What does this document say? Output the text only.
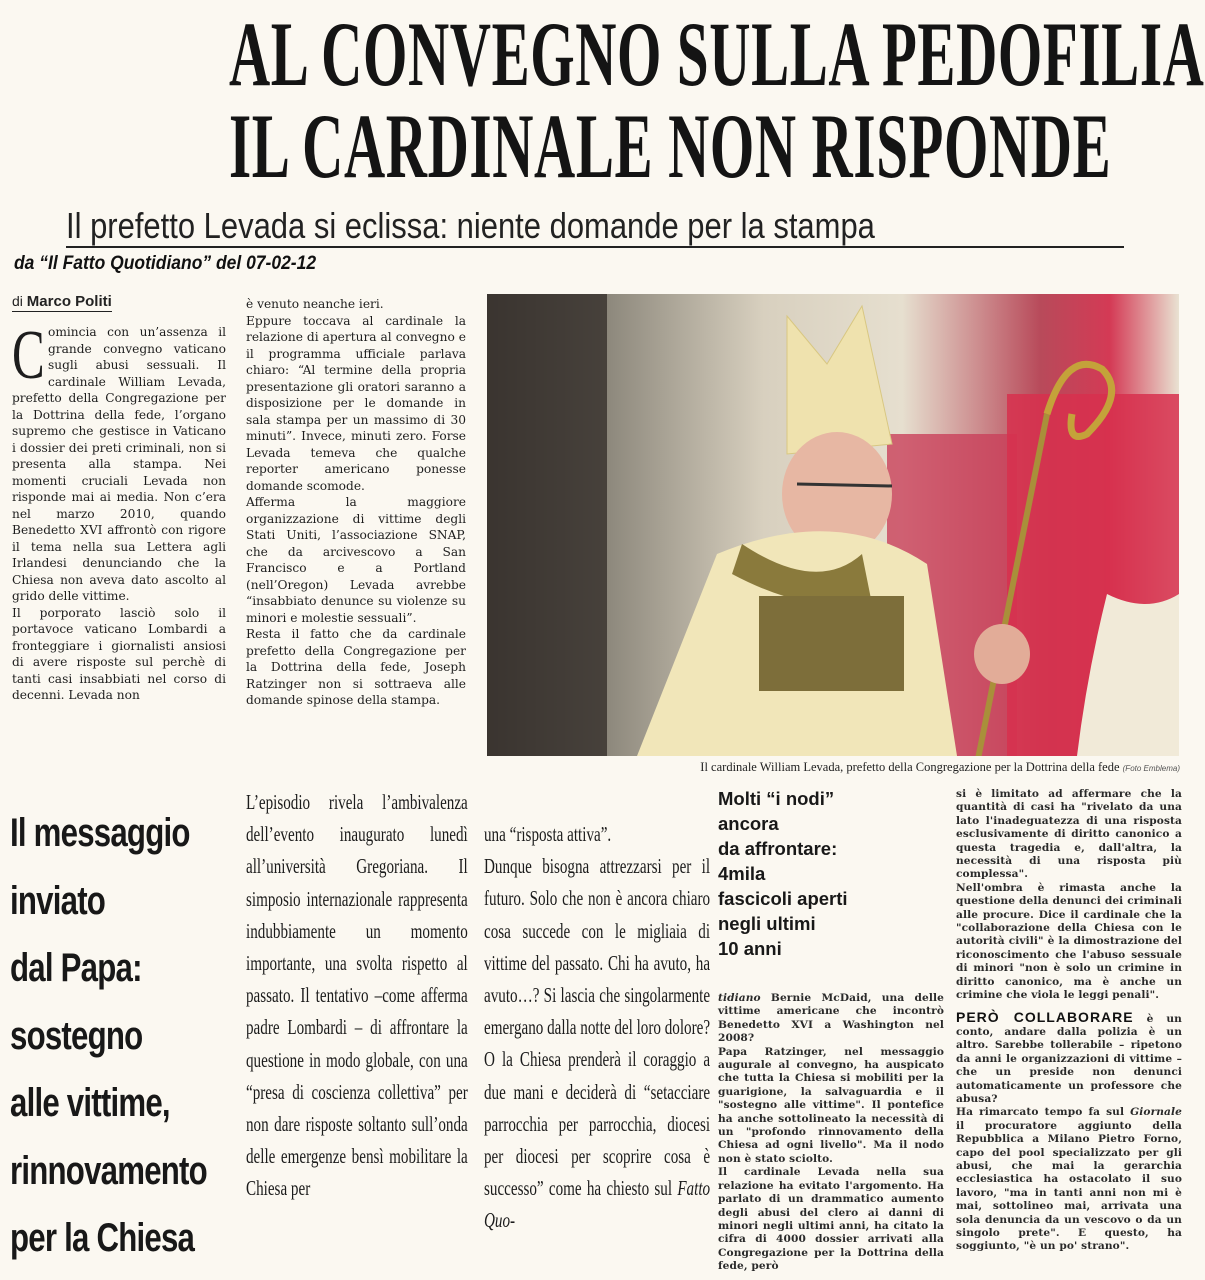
AL CONVEGNO SULLA PEDOFILIA
IL CARDINALE NON RISPONDE
Il prefetto Levada si eclissa: niente domande per la stampa
da “Il Fatto Quotidiano” del 07-02-12
di Marco Politi

Comincia con un’assenza il grande convegno vaticano sugli abusi sessuali. Il cardinale William Levada, prefetto della Congregazione per la Dottrina della fede, l’organo supremo che gestisce in Vaticano i dossier dei preti criminali, non si presenta alla stampa. Nei momenti cruciali Levada non risponde mai ai media. Non c’era nel marzo 2010, quando Benedetto XVI affrontò con rigore il tema nella sua Lettera agli Irlandesi denunciando che la Chiesa non aveva dato ascolto al grido delle vittime.

Il porporato lasciò solo il portavoce vaticano Lombardi a fronteggiare i giornalisti ansiosi di avere risposte sul perchè di tanti casi insabbiati nel corso di decenni. Levada non

è venuto neanche ieri.

Eppure toccava al cardinale la relazione di apertura al convegno e il programma ufficiale parlava chiaro: “Al termine della propria presentazione gli oratori saranno a disposizione per le domande in sala stampa per un massimo di 30 minuti”. Invece, minuti zero. Forse Levada temeva che qualche reporter americano ponesse domande scomode.

Afferma la maggiore organizzazione di vittime degli Stati Uniti, l’associazione SNAP, che da arcivescovo a San Francisco e a Portland (nell’Oregon) Levada avrebbe “insabbiato denunce su violenze su minori e molestie sessuali”.

Resta il fatto che da cardinale prefetto della Congregazione per la Dottrina della fede, Joseph Ratzinger non si sottraeva alle domande spinose della stampa.

Il cardinale William Levada, prefetto della Congregazione per la Dottrina della fede (Foto Emblema)
Il messaggio
inviato
dal Papa:
sostegno
alle vittime,
rinnovamento
per la Chiesa
L’episodio rivela l’ambivalenza dell’evento inaugurato lunedì all’università Gregoriana. Il simposio internazionale rappresenta indubbiamente un momento importante, una svolta rispetto al passato. Il tentativo –come afferma padre Lombardi – di affrontare la questione in modo globale, con una “presa di coscienza collettiva” per non dare risposte soltanto sull’onda delle emergenze bensì mobilitare la Chiesa per
una “risposta attiva”.
Dunque bisogna attrezzarsi per il futuro. Solo che non è ancora chiaro cosa succede con le migliaia di vittime del passato. Chi ha avuto, ha avuto…? Si lascia che singolarmente emergano dalla notte del loro dolore? O la Chiesa prenderà il coraggio a due mani e deciderà di “setacciare parrocchia per parrocchia, diocesi per diocesi per scoprire cosa è successo” come ha chiesto sul Fatto Quo-
Molti “i nodi”
ancora
da affrontare:
4mila
fascicoli aperti
negli ultimi
10 anni

tidiano Bernie McDaid, una delle vittime americane che incontrò Benedetto XVI a Washington nel 2008?

Papa Ratzinger, nel messaggio augurale al convegno, ha auspicato che tutta la Chiesa si mobiliti per la guarigione, la salvaguardia e il "sostegno alle vittime". Il pontefice ha anche sottolineato la necessità di un "profondo rinnovamento della Chiesa ad ogni livello". Ma il nodo non è stato sciolto.

Il cardinale Levada nella sua relazione ha evitato l'argomento. Ha parlato di un drammatico aumento degli abusi del clero ai danni di minori negli ultimi anni, ha citato la cifra di 4000 dossier arrivati alla Congregazione per la Dottrina della fede, però

si è limitato ad affermare che la quantità di casi ha "rivelato da una lato l'inadeguatezza di una risposta esclusivamente di diritto canonico a questa tragedia e, dall'altra, la necessità di una risposta più complessa".

Nell'ombra è rimasta anche la questione della denunci dei criminali alle procure. Dice il cardinale che la "collaborazione della Chiesa con le autorità civili" è la dimostrazione del riconoscimento che l'abuso sessuale di minori "non è solo un crimine in diritto canonico, ma è anche un crimine che viola le leggi penali".

PERÒ COLLABORARE è un conto, andare dalla polizia è un altro. Sarebbe tollerabile – ripetono da anni le organizzazioni di vittime – che un preside non denunci automaticamente un professore che abusa?

Ha rimarcato tempo fa sul Giornale il procuratore aggiunto della Repubblica a Milano Pietro Forno, capo del pool specializzato per gli abusi, che mai la gerarchia ecclesiastica ha ostacolato il suo lavoro, "ma in tanti anni non mi è mai, sottolineo mai, arrivata una sola denuncia da un vescovo o da un singolo prete". E questo, ha soggiunto, "è un po' strano".
